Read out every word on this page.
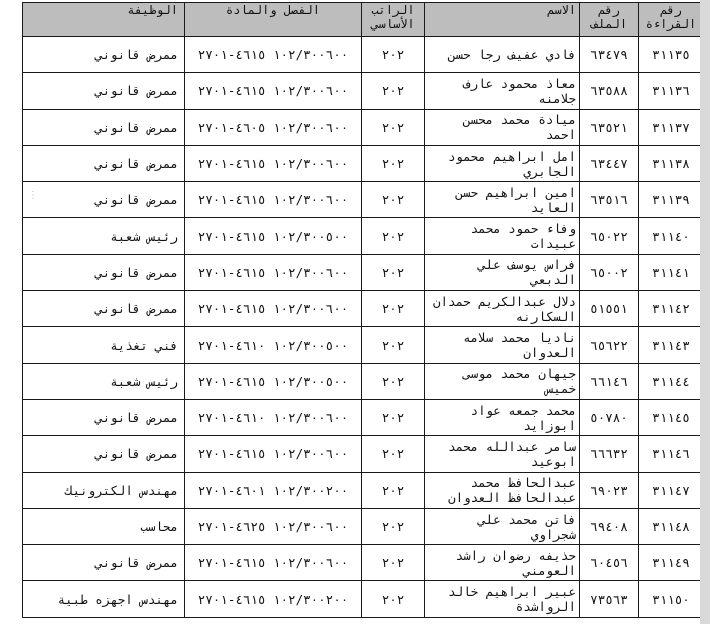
رقم القراءة	رقم الملف	الاسم	الراتب الأساسي	الفصل والمادة	الوظيفة
٣١١٣٥	٦٣٤٧٩	فادي عفيف رجا حسن	٢٠٢	١٠٢/٣٠٠٦٠٠ ٤٦١٥-٢٧٠١	ممرض قانوني
٣١١٣٦	٦٣٥٨٨	معاذ محمود عارف جلامنه	٢٠٢	١٠٢/٣٠٠٦٠٠ ٤٦١٥-٢٧٠١	ممرض قانوني
٣١١٣٧	٦٣٥٢١	ميادة محمد محسن احمد	٢٠٢	١٠٢/٣٠٠٦٠٠ ٤٦٠٥-٢٧٠١	ممرض قانوني
٣١١٣٨	٦٣٤٤٧	امل ابراهيم محمود الجابري	٢٠٢	١٠٢/٣٠٠٦٠٠ ٤٦١٥-٢٧٠١	ممرض قانوني
٣١١٣٩	٦٣٥١٦	امين ابراهيم حسن العايد	٢٠٢	١٠٢/٣٠٠٦٠٠ ٤٦١٥-٢٧٠١	ممرض قانوني
٣١١٤٠	٦٥٠٢٢	وفاء حمود محمد عبيدات	٢٠٢	١٠٢/٣٠٠٥٠٠ ٤٦١٥-٢٧٠١	رئيس شعبة
٣١١٤١	٦٥٠٠٢	فراس يوسف علي الدبعي	٢٠٢	١٠٢/٣٠٠٦٠٠ ٤٦١٥-٢٧٠١	ممرض قانوني
٣١١٤٢	٥١٥٥١	دلال عبدالكريم حمدان السكارنه	٢٠٢	١٠٢/٣٠٠٦٠٠ ٤٦١٥-٢٧٠١	ممرض قانوني
٣١١٤٣	٦٥٦٢٢	ناديا محمد سلامه العدوان	٢٠٢	١٠٢/٣٠٠٥٠٠ ٤٦١٠-٢٧٠١	فني تغذية
٣١١٤٤	٦٦١٤٦	جيهان محمد موسى خميس	٢٠٢	١٠٢/٣٠٠٥٠٠ ٤٦١٥-٢٧٠١	رئيس شعبة
٣١١٤٥	٥٠٧٨٠	محمد جمعه عواد ابوزايد	٢٠٢	١٠٢/٣٠٠٦٠٠ ٤٦١٠-٢٧٠١	ممرض قانوني
٣١١٤٦	٦٦٦٣٢	سامر عبدالله محمد ابوعيد	٢٠٢	١٠٢/٣٠٠٦٠٠ ٤٦١٥-٢٧٠١	ممرض قانوني
٣١١٤٧	٦٩٠٢٣	عبدالحافظ محمد عبدالحافظ العدوان	٢٠٢	١٠٢/٣٠٠٢٠٠ ٤٦٠١-٢٧٠١	مهندس الكترونيك
٣١١٤٨	٦٩٤٠٨	فاتن محمد علي شجراوي	٢٠٢	١٠٢/٣٠٠٦٠٠ ٤٦٢٥-٢٧٠١	محاسب
٣١١٤٩	٦٠٤٥٦	حذيفه رضوان راشد العومني	٢٠٢	١٠٢/٣٠٠٦٠٠ ٤٦١٥-٢٧٠١	ممرض قانوني
٣١١٥٠	٧٣٥٦٣	عبير ابراهيم خالد الرواشدة	٢٠٢	١٠٢/٣٠٠٢٠٠ ٤٦١٥-٢٧٠١	مهندس اجهزه طبية
⋮
